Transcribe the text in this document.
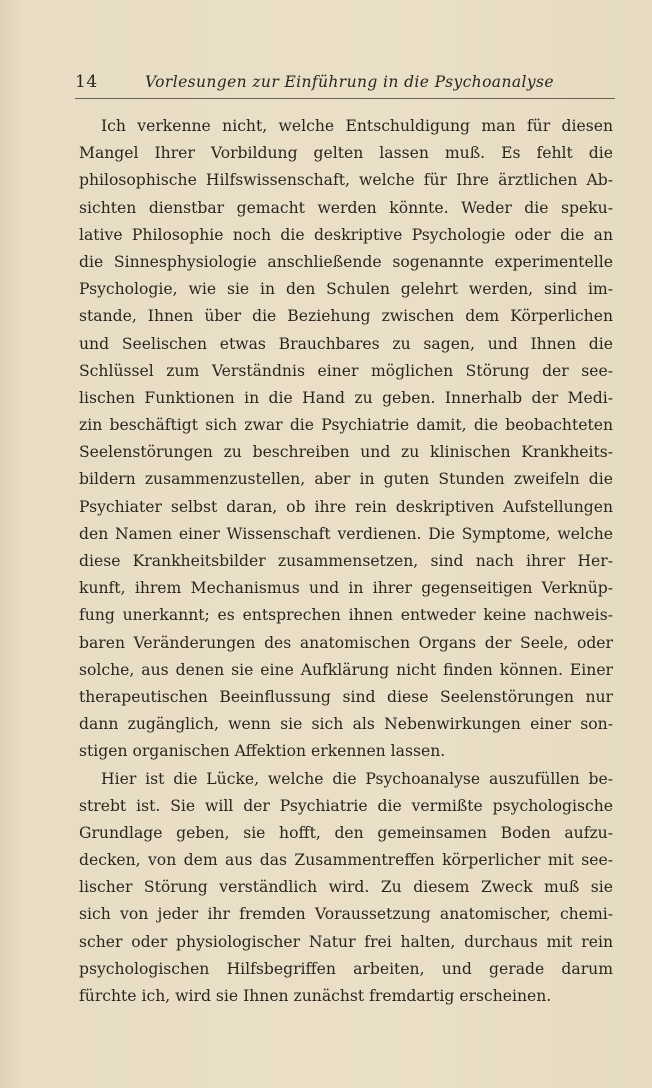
14	Vorlesungen zur Einführung in die Psychoanalyse
Ich verkenne nicht, welche Entschuldigung man für diesen
Mangel Ihrer Vorbildung gelten lassen muß. Es fehlt die
philosophische Hilfswissenschaft, welche für Ihre ärztlichen Ab-
sichten dienstbar gemacht werden könnte. Weder die speku-
lative Philosophie noch die deskriptive Psychologie oder die an
die Sinnesphysiologie anschließende sogenannte experimentelle
Psychologie, wie sie in den Schulen gelehrt werden, sind im-
stande, Ihnen über die Beziehung zwischen dem Körperlichen
und Seelischen etwas Brauchbares zu sagen, und Ihnen die
Schlüssel zum Verständnis einer möglichen Störung der see-
lischen Funktionen in die Hand zu geben. Innerhalb der Medi-
zin beschäftigt sich zwar die Psychiatrie damit, die beobachteten
Seelenstörungen zu beschreiben und zu klinischen Krankheits-
bildern zusammenzustellen, aber in guten Stunden zweifeln die
Psychiater selbst daran, ob ihre rein deskriptiven Aufstellungen
den Namen einer Wissenschaft verdienen. Die Symptome, welche
diese Krankheitsbilder zusammensetzen, sind nach ihrer Her-
kunft, ihrem Mechanismus und in ihrer gegenseitigen Verknüp-
fung unerkannt; es entsprechen ihnen entweder keine nachweis-
baren Veränderungen des anatomischen Organs der Seele, oder
solche, aus denen sie eine Aufklärung nicht finden können. Einer
therapeutischen Beeinflussung sind diese Seelenstörungen nur
dann zugänglich, wenn sie sich als Nebenwirkungen einer son-
stigen organischen Affektion erkennen lassen.
Hier ist die Lücke, welche die Psychoanalyse auszufüllen be-
strebt ist. Sie will der Psychiatrie die vermißte psychologische
Grundlage geben, sie hofft, den gemeinsamen Boden aufzu-
decken, von dem aus das Zusammentreffen körperlicher mit see-
lischer Störung verständlich wird. Zu diesem Zweck muß sie
sich von jeder ihr fremden Voraussetzung anatomischer, chemi-
scher oder physiologischer Natur frei halten, durchaus mit rein
psychologischen Hilfsbegriffen arbeiten, und gerade darum
fürchte ich, wird sie Ihnen zunächst fremdartig erscheinen.
